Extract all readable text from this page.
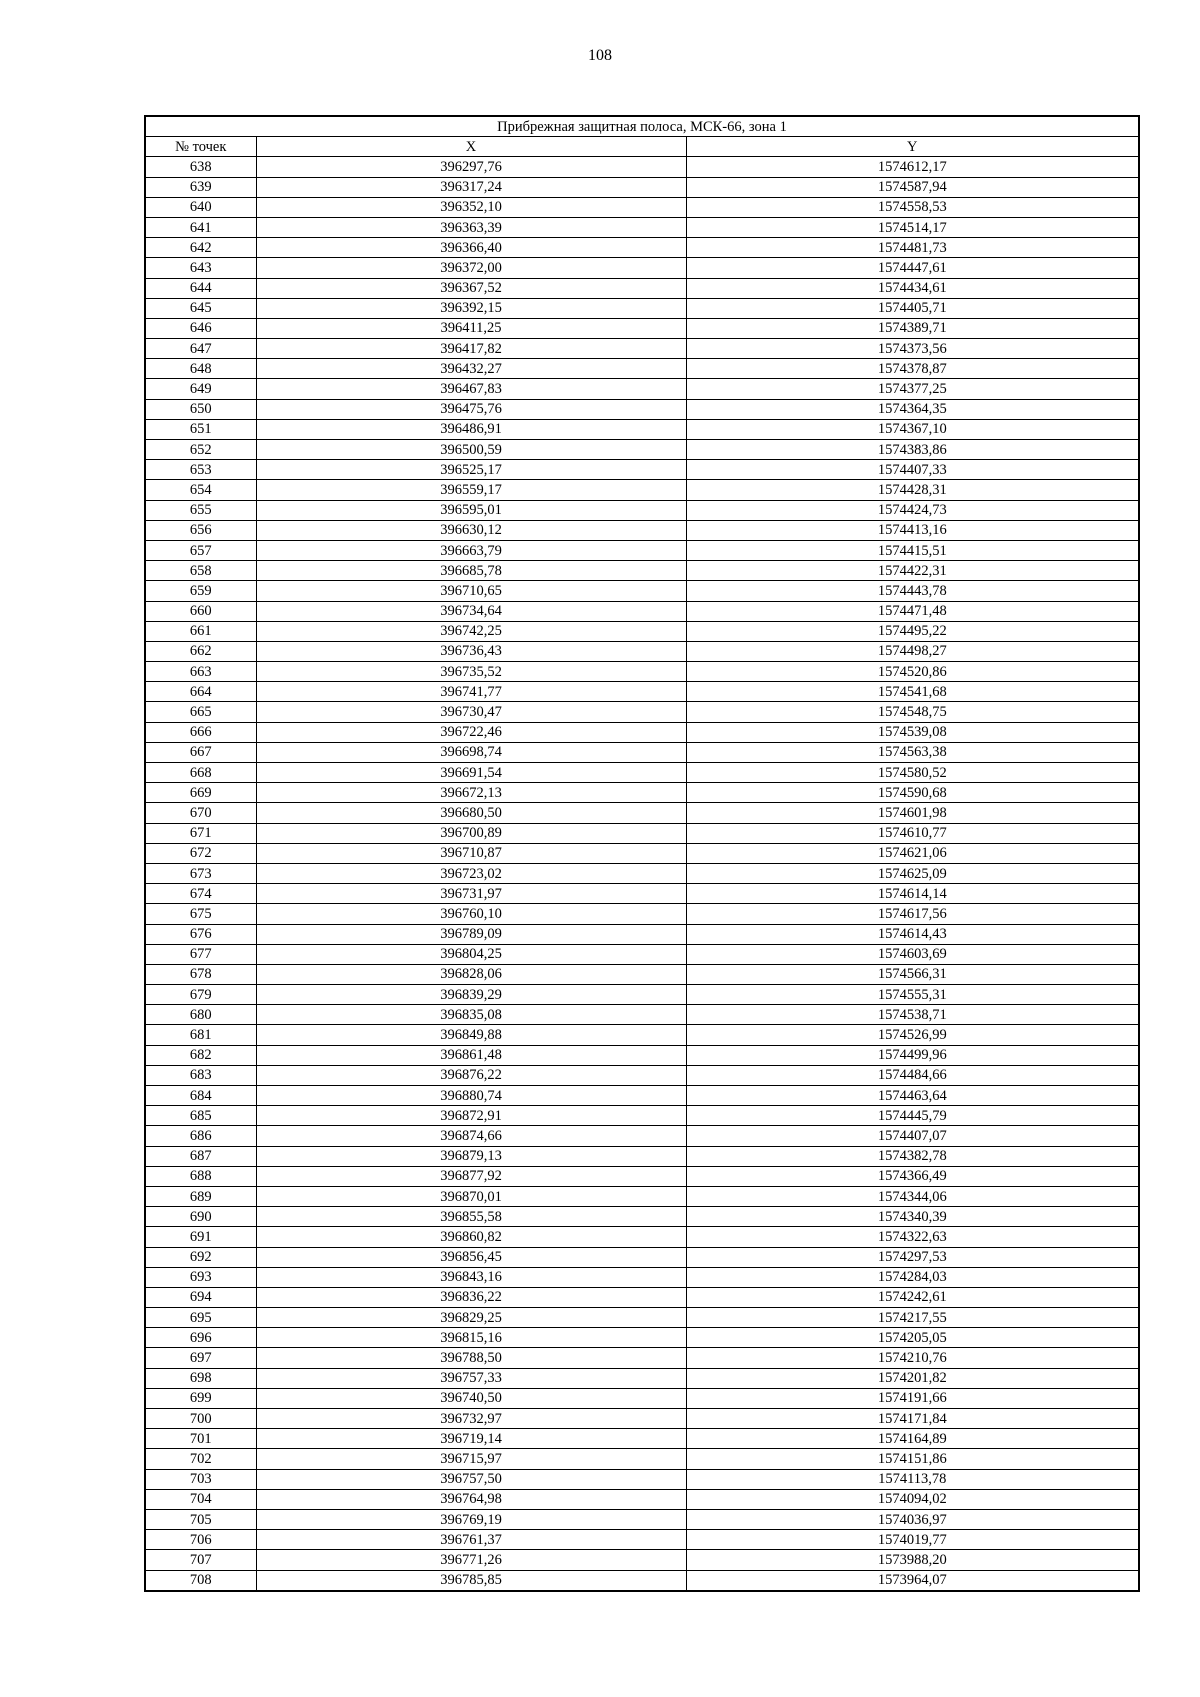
108
Прибрежная защитная полоса, МСК-66, зона 1		
№ точек	X	Y
638	396297,76	1574612,17
639	396317,24	1574587,94
640	396352,10	1574558,53
641	396363,39	1574514,17
642	396366,40	1574481,73
643	396372,00	1574447,61
644	396367,52	1574434,61
645	396392,15	1574405,71
646	396411,25	1574389,71
647	396417,82	1574373,56
648	396432,27	1574378,87
649	396467,83	1574377,25
650	396475,76	1574364,35
651	396486,91	1574367,10
652	396500,59	1574383,86
653	396525,17	1574407,33
654	396559,17	1574428,31
655	396595,01	1574424,73
656	396630,12	1574413,16
657	396663,79	1574415,51
658	396685,78	1574422,31
659	396710,65	1574443,78
660	396734,64	1574471,48
661	396742,25	1574495,22
662	396736,43	1574498,27
663	396735,52	1574520,86
664	396741,77	1574541,68
665	396730,47	1574548,75
666	396722,46	1574539,08
667	396698,74	1574563,38
668	396691,54	1574580,52
669	396672,13	1574590,68
670	396680,50	1574601,98
671	396700,89	1574610,77
672	396710,87	1574621,06
673	396723,02	1574625,09
674	396731,97	1574614,14
675	396760,10	1574617,56
676	396789,09	1574614,43
677	396804,25	1574603,69
678	396828,06	1574566,31
679	396839,29	1574555,31
680	396835,08	1574538,71
681	396849,88	1574526,99
682	396861,48	1574499,96
683	396876,22	1574484,66
684	396880,74	1574463,64
685	396872,91	1574445,79
686	396874,66	1574407,07
687	396879,13	1574382,78
688	396877,92	1574366,49
689	396870,01	1574344,06
690	396855,58	1574340,39
691	396860,82	1574322,63
692	396856,45	1574297,53
693	396843,16	1574284,03
694	396836,22	1574242,61
695	396829,25	1574217,55
696	396815,16	1574205,05
697	396788,50	1574210,76
698	396757,33	1574201,82
699	396740,50	1574191,66
700	396732,97	1574171,84
701	396719,14	1574164,89
702	396715,97	1574151,86
703	396757,50	1574113,78
704	396764,98	1574094,02
705	396769,19	1574036,97
706	396761,37	1574019,77
707	396771,26	1573988,20
708	396785,85	1573964,07
